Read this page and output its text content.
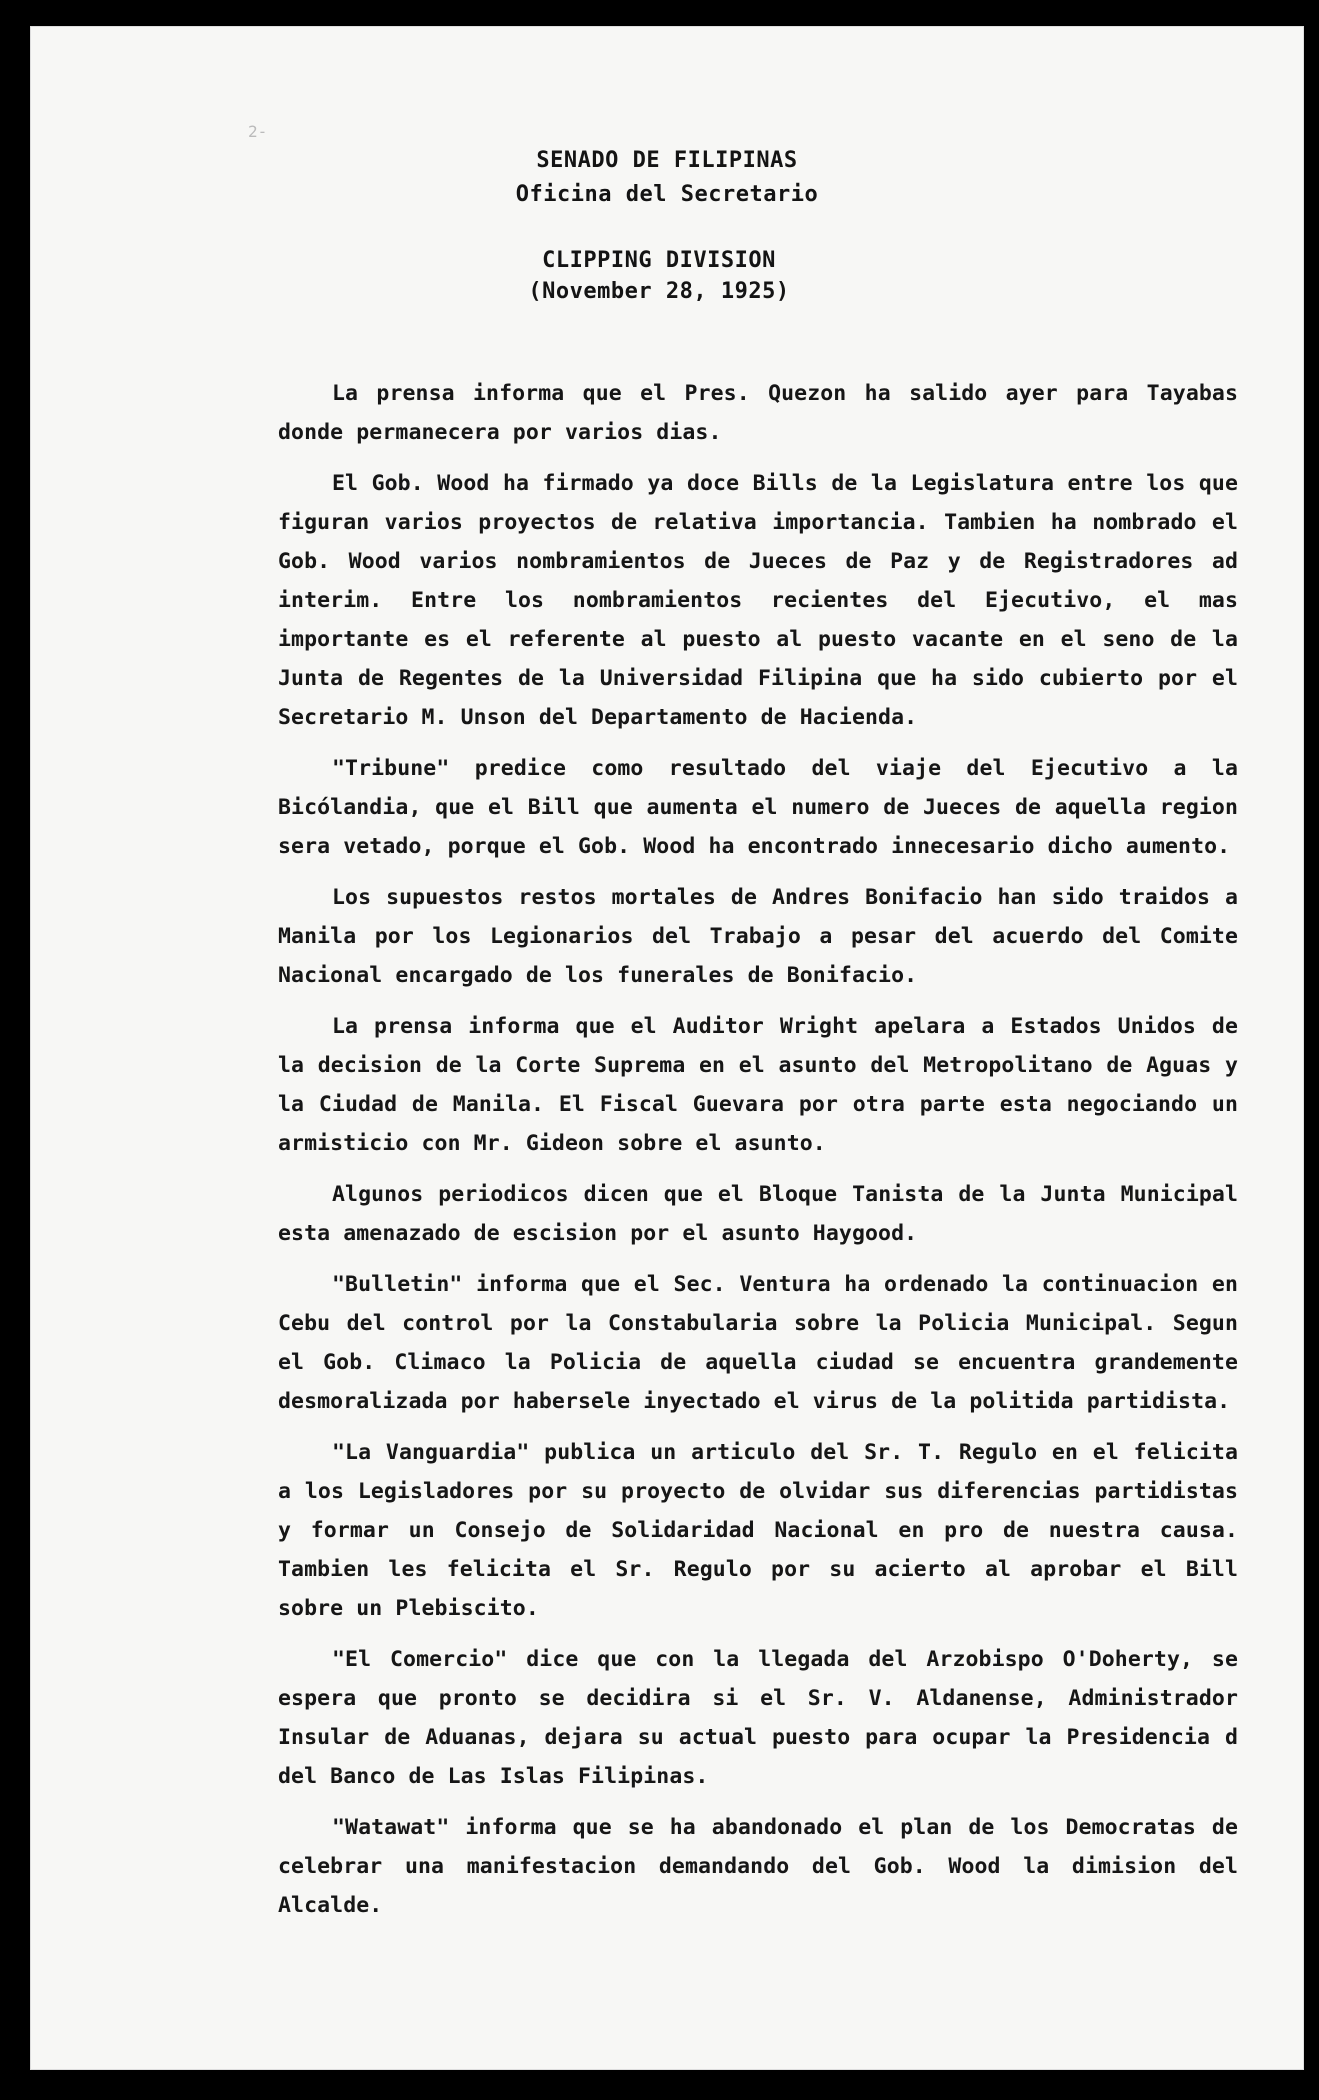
2-
SENADO DE FILIPINAS
Oficina del Secretario
CLIPPING DIVISION
(November 28, 1925)

La prensa informa que el Pres. Quezon ha salido ayer para Tayabas donde permanecera por varios dias.

El Gob. Wood ha firmado ya doce Bills de la Legislatura entre los que figuran varios proyectos de relativa importancia. Tambien ha nombrado el Gob. Wood varios nombramientos de Jueces de Paz y de Registradores ad interim. Entre los nombramientos recientes del Ejecutivo, el mas importante es el referente al puesto al puesto vacante en el seno de la Junta de Regentes de la Universidad Filipina que ha sido cubierto por el Secretario M. Unson del Departamento de Hacienda.

"Tribune" predice como resultado del viaje del Ejecutivo a la Bicólandia, que el Bill que aumenta el numero de Jueces de aquella region sera vetado, porque el Gob. Wood ha encontrado innecesario dicho aumento.

Los supuestos restos mortales de Andres Bonifacio han sido traidos a Manila por los Legionarios del Trabajo a pesar del acuerdo del Comite Nacional encargado de los funerales de Bonifacio.

La prensa informa que el Auditor Wright apelara a Estados Unidos de la decision de la Corte Suprema en el asunto del Metropolitano de Aguas y la Ciudad de Manila. El Fiscal Guevara por otra parte esta negociando un armisticio con Mr. Gideon sobre el asunto.

Algunos periodicos dicen que el Bloque Tanista de la Junta Municipal esta amenazado de escision por el asunto Haygood.

"Bulletin" informa que el Sec. Ventura ha ordenado la continuacion en Cebu del control por la Constabularia sobre la Policia Municipal. Segun el Gob. Climaco la Policia de aquella ciudad se encuentra grandemente desmoralizada por habersele inyectado el virus de la politida partidista.

"La Vanguardia" publica un articulo del Sr. T. Regulo en el felicita a los Legisladores por su proyecto de olvidar sus diferencias partidistas y formar un Consejo de Solidaridad Nacional en pro de nuestra causa. Tambien les felicita el Sr. Regulo por su acierto al aprobar el Bill sobre un Plebiscito.

"El Comercio" dice que con la llegada del Arzobispo O'Doherty, se espera que pronto se decidira si el Sr. V. Aldanense, Administrador Insular de Aduanas, dejara su actual puesto para ocupar la Presidencia d del Banco de Las Islas Filipinas.

"Watawat" informa que se ha abandonado el plan de los Democratas de celebrar una manifestacion demandando del Gob. Wood la dimision del Alcalde.
